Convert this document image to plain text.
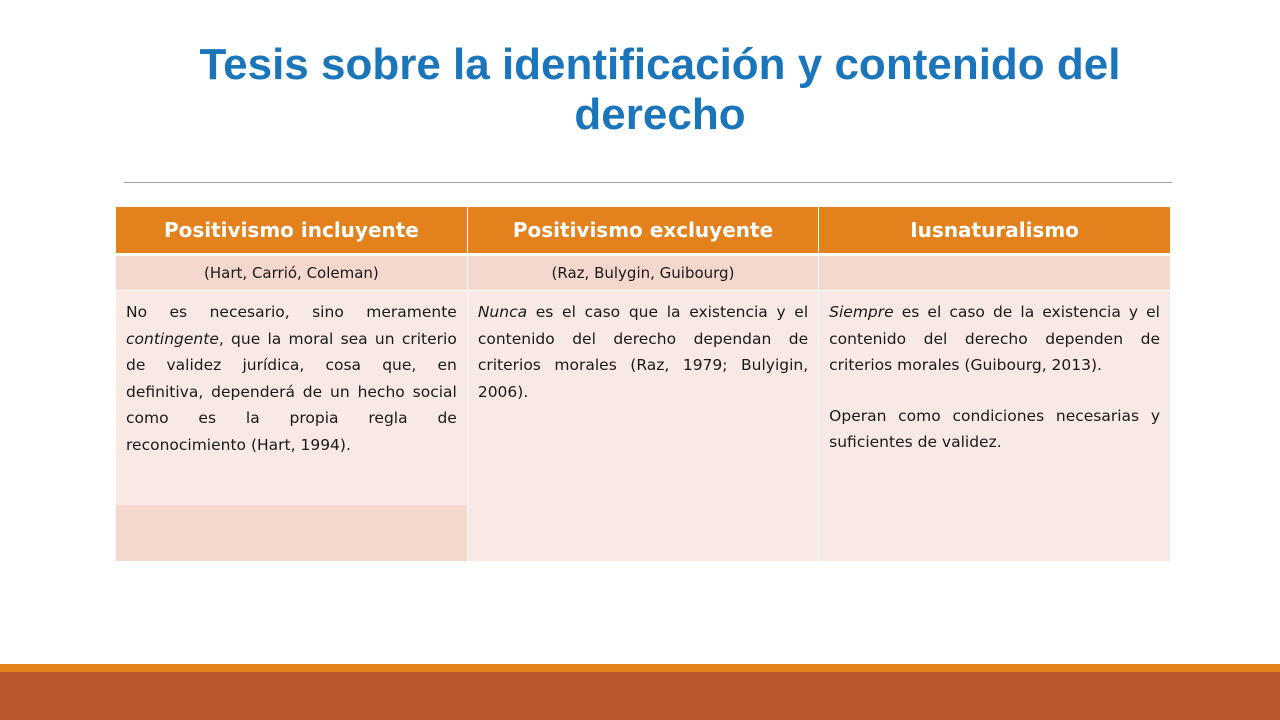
Tesis sobre la identificación y contenido del derecho
Positivismo incluyente	Positivismo excluyente	Iusnaturalismo
(Hart, Carrió, Coleman)	(Raz, Bulygin, Guibourg)	

No es necesario, sino meramente contingente, que la moral sea un criterio de validez jurídica, cosa que, en definitiva, dependerá de un hecho social como es la propia regla de reconocimiento (Hart, 1994).	Nunca es el caso que la existencia y el contenido del derecho dependan de criterios morales (Raz, 1979; Bulyigin, 2006).	Siempre es el caso de la existencia y el contenido del derecho dependen de criterios morales (Guibourg, 2013).

Operan como condiciones necesarias y suficientes de validez.
